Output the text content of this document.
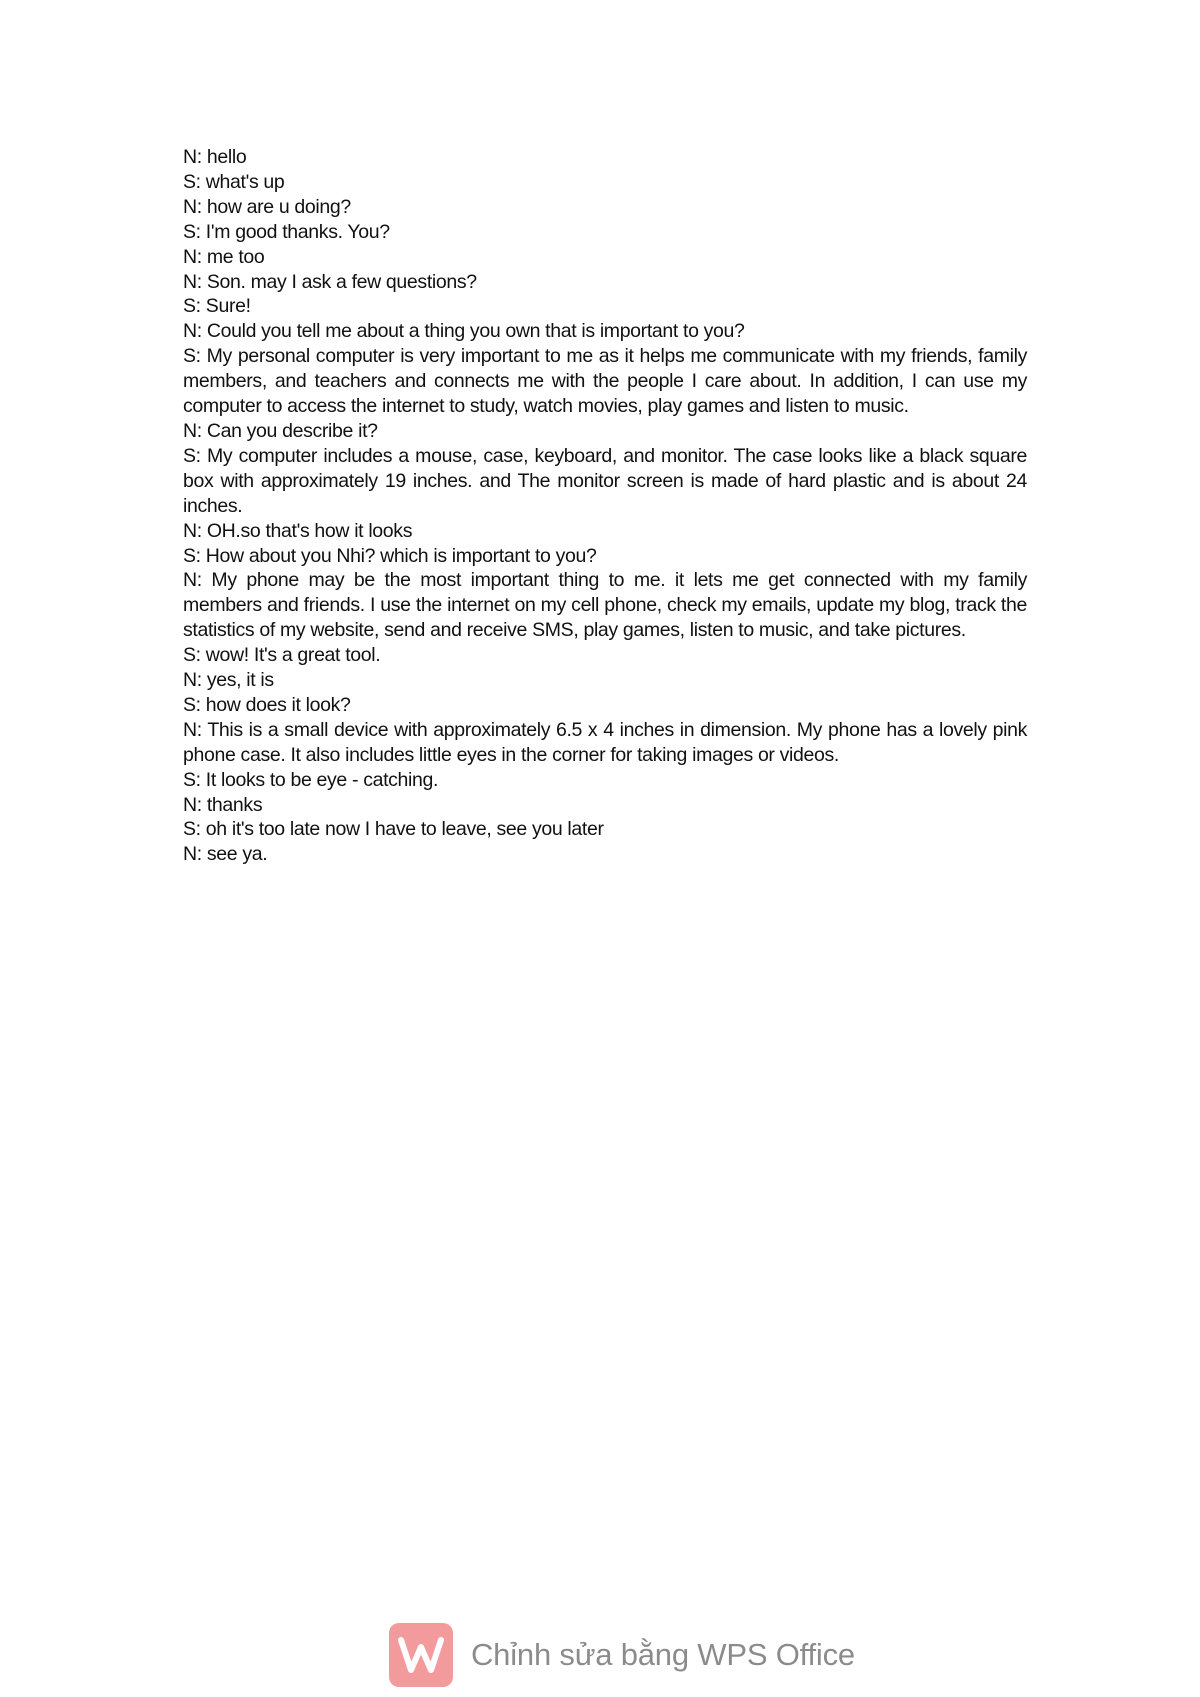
N: hello

S: what's up

N: how are u doing?

S: I'm good thanks. You?

N: me too

N: Son. may I ask a few questions?

S: Sure!

N: Could you tell me about a thing you own that is important to you?

S: My personal computer is very important to me as it helps me communicate with my friends, family members, and teachers and connects me with the people I care about. In addition, I can use my computer to access the internet to study, watch movies, play games and listen to music.

N: Can you describe it?

S: My computer includes a mouse, case, keyboard, and monitor. The case looks like a black square box with approximately 19 inches. and The monitor screen is made of hard plastic and is about 24 inches.

N: OH.so that's how it looks

S: How about you Nhi? which is important to you?

N: My phone may be the most important thing to me. it lets me get connected with my family members and friends. I use the internet on my cell phone, check my emails, update my blog, track the statistics of my website, send and receive SMS, play games, listen to music, and take pictures.

S: wow! It's a great tool.

N: yes, it is

S: how does it look?

N: This is a small device with approximately 6.5 x 4 inches in dimension. My phone has a lovely pink phone case. It also includes little eyes in the corner for taking images or videos.

S: It looks to be eye - catching.

N: thanks

S: oh it's too late now I have to leave, see you later

N: see ya.

Chỉnh sửa bằng WPS Office
